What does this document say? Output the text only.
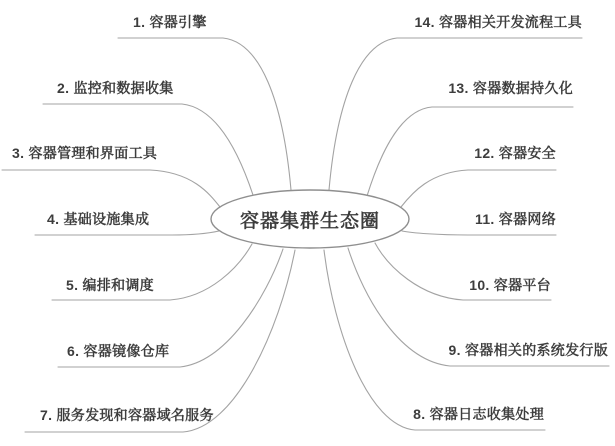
容器集群生态圈
1. 容器引擎
2. 监控和数据收集
3. 容器管理和界面工具
4. 基础设施集成
5. 编排和调度
6. 容器镜像仓库
7. 服务发现和容器域名服务
14. 容器相关开发流程工具
13. 容器数据持久化
12. 容器安全
11. 容器网络
10. 容器平台
9. 容器相关的系统发行版
8. 容器日志收集处理
